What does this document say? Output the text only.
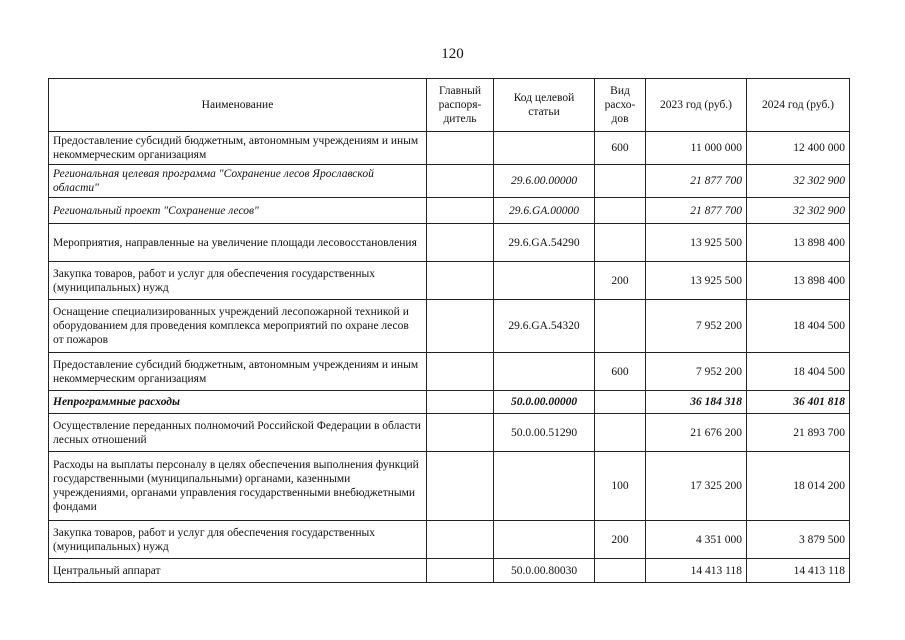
120
Наименование	Главный распоря-дитель	Код целевой статьи	Вид расхо-дов	2023 год (руб.)	2024 год (руб.)
Предоставление субсидий бюджетным, автономным учреждениям и иным некоммерческим организациям			600	11 000 000	12 400 000
Региональная целевая программа "Сохранение лесов Ярославской области"		29.6.00.00000		21 877 700	32 302 900
Региональный проект "Сохранение лесов"		29.6.GA.00000		21 877 700	32 302 900
Мероприятия, направленные на увеличение площади лесовосстановления		29.6.GA.54290		13 925 500	13 898 400
Закупка товаров, работ и услуг для обеспечения государственных (муниципальных) нужд			200	13 925 500	13 898 400
Оснащение специализированных учреждений лесопожарной техникой и оборудованием для проведения комплекса мероприятий по охране лесов от пожаров		29.6.GA.54320		7 952 200	18 404 500
Предоставление субсидий бюджетным, автономным учреждениям и иным некоммерческим организациям			600	7 952 200	18 404 500
Непрограммные расходы		50.0.00.00000		36 184 318	36 401 818
Осуществление переданных полномочий Российской Федерации в области лесных отношений		50.0.00.51290		21 676 200	21 893 700
Расходы на выплаты персоналу в целях обеспечения выполнения функций государственными (муниципальными) органами, казенными учреждениями, органами управления государственными внебюджетными фондами			100	17 325 200	18 014 200
Закупка товаров, работ и услуг для обеспечения государственных (муниципальных) нужд			200	4 351 000	3 879 500
Центральный аппарат		50.0.00.80030		14 413 118	14 413 118
